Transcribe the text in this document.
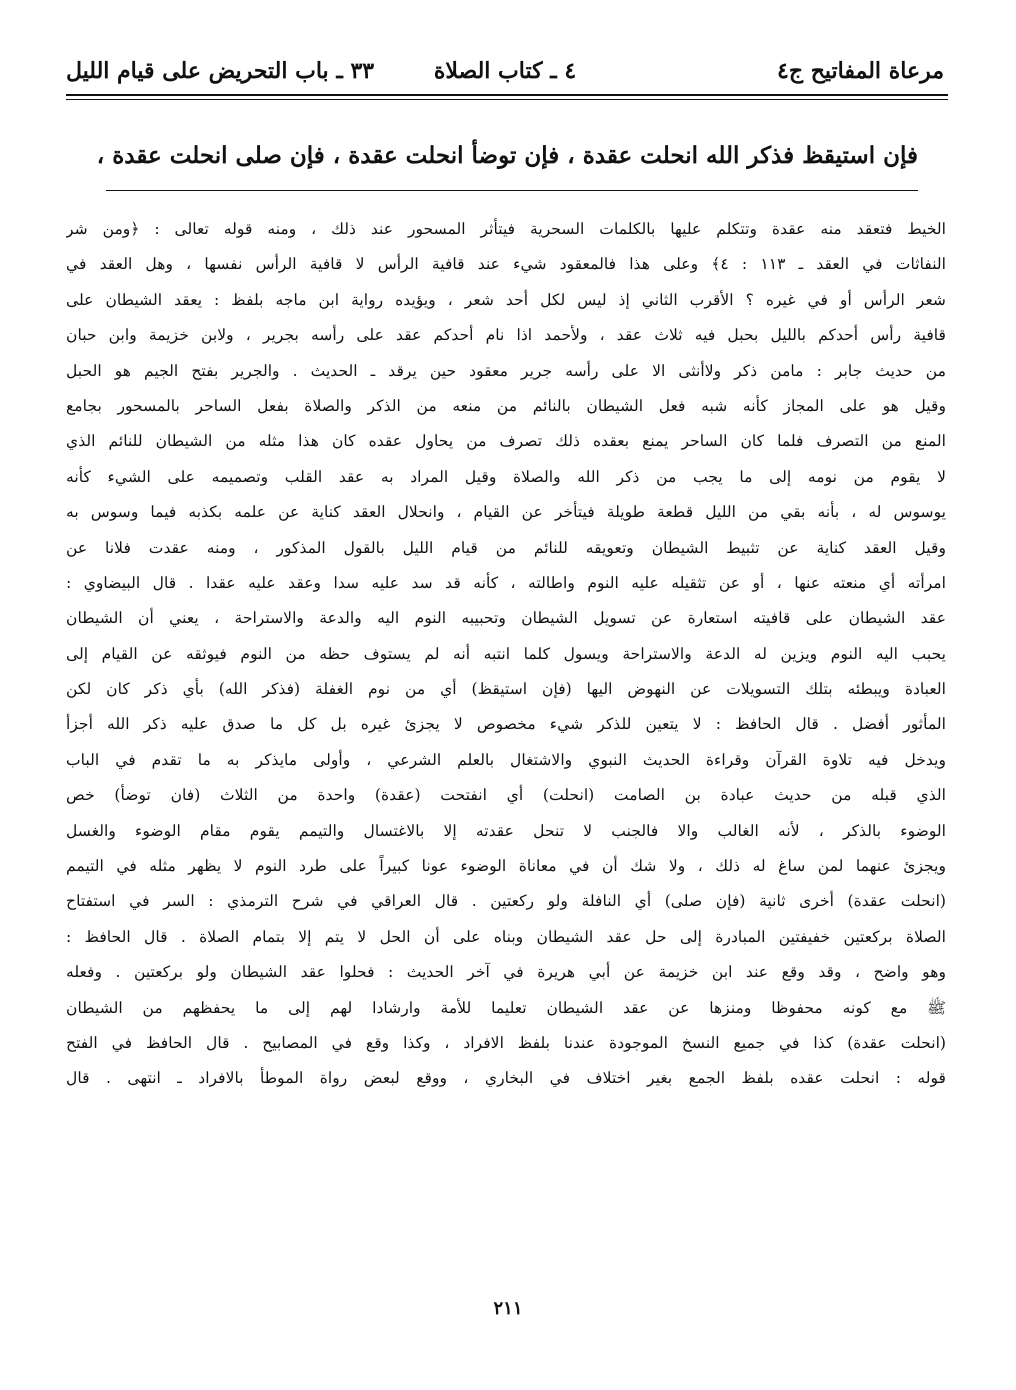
مرعاة المفاتيح ج٤
٤ ـ كتاب الصلاة
٣٣ ـ باب التحريض على قيام الليل
فإن استيقظ فذكر الله انحلت عقدة ، فإن توضأ انحلت عقدة ، فإن صلى انحلت عقدة ،
الخيط فتعقد منه عقدة وتتكلم عليها بالكلمات السحرية فيتأثر المسحور عند ذلك ، ومنه قوله تعالى : ﴿ومن شر
النفاثات في العقد ـ ١١٣ : ٤﴾ وعلى هذا فالمعقود شيء عند قافية الرأس لا قافية الرأس نفسها ، وهل العقد في
شعر الرأس أو في غيره ؟ الأقرب الثاني إذ ليس لكل أحد شعر ، ويؤيده رواية ابن ماجه بلفظ : يعقد الشيطان على
قافية رأس أحدكم بالليل بحبل فيه ثلاث عقد ، ولأحمد اذا نام أحدكم عقد على رأسه بجرير ، ولابن خزيمة وابن حبان
من حديث جابر : مامن ذكر ولاأنثى الا على رأسه جرير معقود حين يرقد ـ الحديث . والجرير بفتح الجيم هو الحبل
وقيل هو على المجاز كأنه شبه فعل الشيطان بالنائم من منعه من الذكر والصلاة بفعل الساحر بالمسحور بجامع
المنع من التصرف فلما كان الساحر يمنع بعقده ذلك تصرف من يحاول عقده كان هذا مثله من الشيطان للنائم الذي
لا يقوم من نومه إلى ما يجب من ذكر الله والصلاة وقيل المراد به عقد القلب وتصميمه على الشيء كأنه
يوسوس له ، بأنه بقي من الليل قطعة طويلة فيتأخر عن القيام ، وانحلال العقد كناية عن علمه بكذبه فيما وسوس به
وقيل العقد كناية عن تثبيط الشيطان وتعويقه للنائم من قيام الليل بالقول المذكور ، ومنه عقدت فلانا عن
امرأته أي منعته عنها ، أو عن تثقيله عليه النوم واطالته ، كأنه قد سد عليه سدا وعقد عليه عقدا . قال البيضاوي :
عقد الشيطان على قافيته استعارة عن تسويل الشيطان وتحبيبه النوم اليه والدعة والاستراحة ، يعني أن الشيطان
يحبب اليه النوم ويزين له الدعة والاستراحة ويسول كلما انتبه أنه لم يستوف حظه من النوم فيوثقه عن القيام إلى
العبادة ويبطئه بتلك التسويلات عن النهوض اليها (فإن استيقظ) أي من نوم الغفلة (فذكر الله) بأي ذكر كان لكن
المأثور أفضل . قال الحافظ : لا يتعين للذكر شيء مخصوص لا يجزئ غيره بل كل ما صدق عليه ذكر الله أجزأ
ويدخل فيه تلاوة القرآن وقراءة الحديث النبوي والاشتغال بالعلم الشرعي ، وأولى مايذكر به ما تقدم في الباب
الذي قبله من حديث عبادة بن الصامت (انحلت) أي انفتحت (عقدة) واحدة من الثلاث (فان توضأ) خص
الوضوء بالذكر ، لأنه الغالب والا فالجنب لا تنحل عقدته إلا بالاغتسال والتيمم يقوم مقام الوضوء والغسل
ويجزئ عنهما لمن ساغ له ذلك ، ولا شك أن في معاناة الوضوء عونا كبيراً على طرد النوم لا يظهر مثله في التيمم
(انحلت عقدة) أخرى ثانية (فإن صلى) أي النافلة ولو ركعتين . قال العراقي في شرح الترمذي : السر في استفتاح
الصلاة بركعتين خفيفتين المبادرة إلى حل عقد الشيطان وبناه على أن الحل لا يتم إلا بتمام الصلاة . قال الحافظ :
وهو واضح ، وقد وقع عند ابن خزيمة عن أبي هريرة في آخر الحديث : فحلوا عقد الشيطان ولو بركعتين . وفعله
ﷺ مع كونه محفوظا ومنزها عن عقد الشيطان تعليما للأمة وارشادا لهم إلى ما يحفظهم من الشيطان
(انحلت عقدة) كذا في جميع النسخ الموجودة عندنا بلفظ الافراد ، وكذا وقع في المصابيح . قال الحافظ في الفتح
قوله : انحلت عقده بلفظ الجمع بغير اختلاف في البخاري ، ووقع لبعض رواة الموطأ بالافراد ـ انتهى . قال
٢١١
